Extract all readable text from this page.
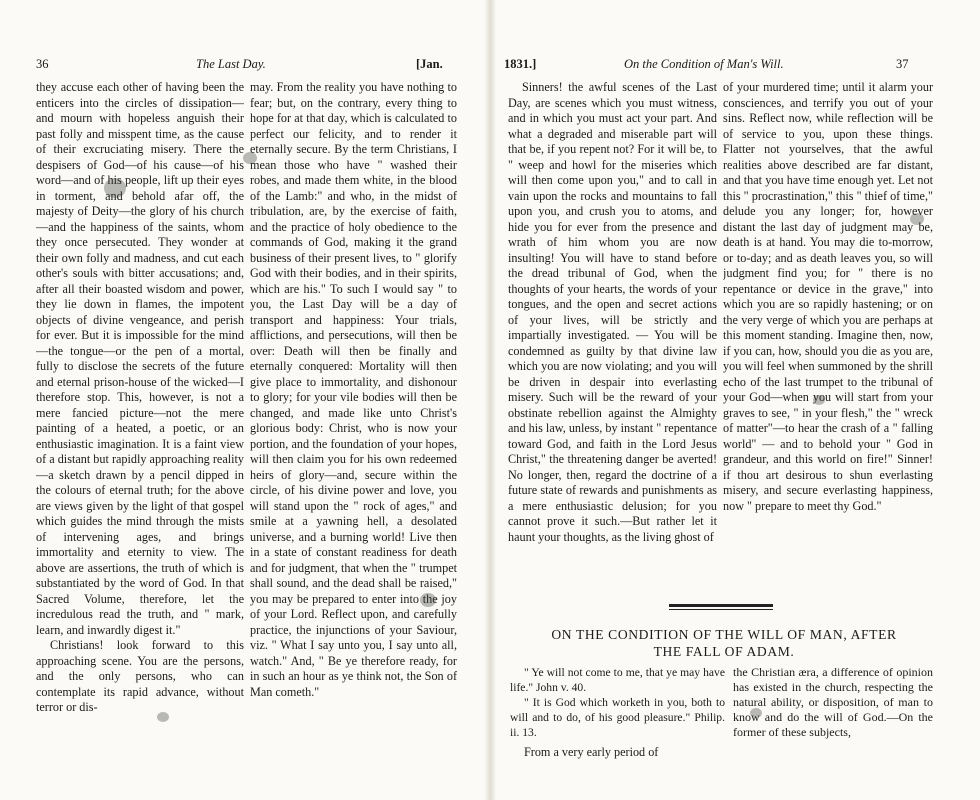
36	The Last Day.	[Jan.

they accuse each other of having been the enticers into the circles of dissipation—and mourn with hopeless anguish their past folly and misspent time, as the cause of their excruciating misery. There the despisers of God—of his cause—of his word—and of his people, lift up their eyes in torment, and behold afar off, the majesty of Deity—the glory of his church—and the happiness of the saints, whom they once persecuted. They wonder at their own folly and madness, and cut each other's souls with bitter accusations; and, after all their boasted wisdom and power, they lie down in flames, the impotent objects of divine vengeance, and perish for ever. But it is impossible for the mind—the tongue—or the pen of a mortal, fully to disclose the secrets of the future and eternal prison-house of the wicked—I therefore stop. This, however, is not a mere fancied picture—not the mere painting of a heated, a poetic, or an enthusiastic imagination. It is a faint view of a distant but rapidly approaching reality—a sketch drawn by a pencil dipped in the colours of eternal truth; for the above are views given by the light of that gospel which guides the mind through the mists of intervening ages, and brings immortality and eternity to view. The above are assertions, the truth of which is substantiated by the word of God. In that Sacred Volume, therefore, let the incredulous read the truth, and " mark, learn, and inwardly digest it."

Christians! look forward to this approaching scene. You are the persons, and the only persons, who can contemplate its rapid advance, without terror or dis-

may. From the reality you have nothing to fear; but, on the contrary, every thing to hope for at that day, which is calculated to perfect our felicity, and to render it eternally secure. By the term Christians, I mean those who have " washed their robes, and made them white, in the blood of the Lamb:" and who, in the midst of tribulation, are, by the exercise of faith, and the practice of holy obedience to the commands of God, making it the grand business of their present lives, to " glorify God with their bodies, and in their spirits, which are his." To such I would say " to you, the Last Day will be a day of transport and happiness: Your trials, afflictions, and persecutions, will then be over: Death will then be finally and eternally conquered: Mortality will then give place to immortality, and dishonour to glory; for your vile bodies will then be changed, and made like unto Christ's glorious body: Christ, who is now your portion, and the foundation of your hopes, will then claim you for his own redeemed heirs of glory—and, secure within the circle, of his divine power and love, you will stand upon the " rock of ages," and smile at a yawning hell, a desolated universe, and a burning world! Live then in a state of constant readiness for death and for judgment, that when the " trumpet shall sound, and the dead shall be raised," you may be prepared to enter into the joy of your Lord. Reflect upon, and carefully practice, the injunctions of your Saviour, viz. " What I say unto you, I say unto all, watch." And, " Be ye therefore ready, for in such an hour as ye think not, the Son of Man cometh."

1831.]	On the Condition of Man's Will.	37

Sinners! the awful scenes of the Last Day, are scenes which you must witness, and in which you must act your part. And what a degraded and miserable part will that be, if you repent not? For it will be, to " weep and howl for the miseries which will then come upon you," and to call in vain upon the rocks and mountains to fall upon you, and crush you to atoms, and hide you for ever from the presence and wrath of him whom you are now insulting! You will have to stand before the dread tribunal of God, when the thoughts of your hearts, the words of your tongues, and the open and secret actions of your lives, will be strictly and impartially investigated. — You will be condemned as guilty by that divine law which you are now violating; and you will be driven in despair into everlasting misery. Such will be the reward of your obstinate rebellion against the Almighty and his law, unless, by instant " repentance toward God, and faith in the Lord Jesus Christ," the threatening danger be averted! No longer, then, regard the doctrine of a future state of rewards and punishments as a mere enthusiastic delusion; for you cannot prove it such.—But rather let it haunt your thoughts, as the living ghost of

of your murdered time; until it alarm your consciences, and terrify you out of your sins. Reflect now, while reflection will be of service to you, upon these things. Flatter not yourselves, that the awful realities above described are far distant, and that you have time enough yet. Let not this " procrastination," this " thief of time," delude you any longer; for, however distant the last day of judgment may be, death is at hand. You may die to-morrow, or to-day; and as death leaves you, so will judgment find you; for " there is no repentance or device in the grave," into which you are so rapidly hastening; or on the very verge of which you are perhaps at this moment standing. Imagine then, now, if you can, how, should you die as you are, you will feel when summoned by the shrill echo of the last trumpet to the tribunal of your God—when you will start from your graves to see, " in your flesh," the " wreck of matter"—to hear the crash of a " falling world" — and to behold your " God in grandeur, and this world on fire!" Sinner! if thou art desirous to shun everlasting misery, and secure everlasting happiness, now " prepare to meet thy God."

ON THE CONDITION OF THE WILL OF MAN, AFTER
THE FALL OF ADAM.

" Ye will not come to me, that ye may have life." John v. 40.

" It is God which worketh in you, both to will and to do, of his good pleasure." Philip. ii. 13.

From a very early period of

the Christian æra, a difference of opinion has existed in the church, respecting the natural ability, or disposition, of man to know and do the will of God.—On the former of these subjects,
